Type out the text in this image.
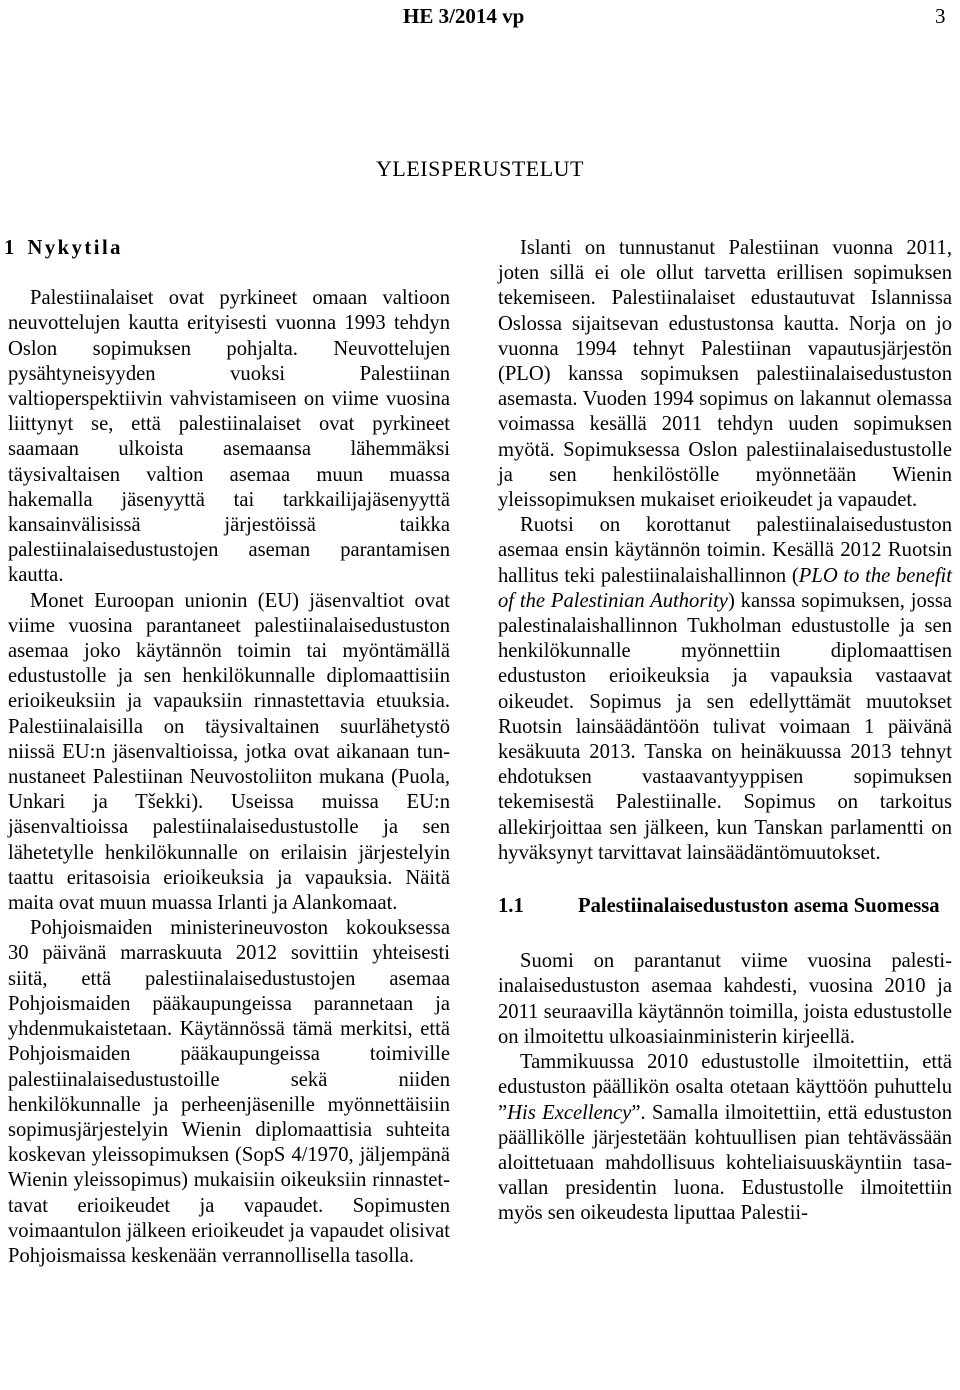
HE 3/2014 vp	3
YLEISPERUSTELUT
1 Nykytila

Palestiinalaiset ovat pyrkineet omaan valtioon neuvottelujen kautta erityisesti vuonna 1993 tehdyn Oslon sopimuksen pohjalta. Neuvottelujen pysähtyneisyyden vuoksi Palestiinan valtioperspektiivin vahvistamiseen on viime vuosina liittynyt se, että palestiinalaiset ovat pyrkineet saamaan ulkoista asemaansa lähemmäksi täysivaltaisen valtion asemaa muun muassa hakemalla jäsenyyttä tai tarkkailijajäsenyyttä kansainvälisissä järjestöissä taikka palestiinalaisedustustojen aseman parantamisen kautta.

Monet Euroopan unionin (EU) jäsenvaltiot ovat viime vuosina parantaneet palestiinalaisedustuston asemaa joko käytännön toimin tai myöntämällä edustustolle ja sen henkilökunnalle diplomaattisiin erioikeuksiin ja vapauksiin rinnastettavia etuuksia. Palestiinalaisilla on täysivaltainen suurlähetystö niissä EU:n jäsenvaltioissa, jotka ovat aikanaan tunnustaneet Palestiinan Neuvostoliiton mukana (Puola, Unkari ja Tšekki). Useissa muissa EU:n jäsenvaltioissa palestiinalaisedustustolle ja sen lähetetylle henkilökunnalle on erilaisin järjestelyin taattu eritasoisia erioikeuksia ja vapauksia. Näitä maita ovat muun muassa Irlanti ja Alankomaat.

Pohjoismaiden ministerineuvoston kokouksessa 30 päivänä marraskuuta 2012 sovittiin yhteisesti siitä, että palestiinalaisedustustojen asemaa Pohjoismaiden pääkaupungeissa parannetaan ja yhdenmukaistetaan. Käytännössä tämä merkitsi, että Pohjoismaiden pääkaupungeissa toimiville palestiinalaisedustustoille sekä niiden henkilökunnalle ja perheenjäsenille myönnettäisiin sopimusjärjestelyin Wienin diplomaattisia suhteita koskevan yleissopimuksen (SopS 4/1970, jäljempänä Wienin yleissopimus) mukaisiin oikeuksiin rinnastettavat erioikeudet ja vapaudet. Sopimusten voimaantulon jälkeen erioikeudet ja vapaudet olisivat Pohjoismaissa keskenään verrannollisella tasolla.

Islanti on tunnustanut Palestiinan vuonna 2011, joten sillä ei ole ollut tarvetta erillisen sopimuksen tekemiseen. Palestiinalaiset edustautuvat Islannissa Oslossa sijaitsevan edustustonsa kautta. Norja on jo vuonna 1994 tehnyt Palestiinan vapautusjärjestön (PLO) kanssa sopimuksen palestiinalaisedustuston asemasta. Vuoden 1994 sopimus on lakannut olemassa voimassa kesällä 2011 tehdyn uuden sopimuksen myötä. Sopimuksessa Oslon palestiinalaisedustustolle ja sen henkilöstölle myönnetään Wienin yleissopimuksen mukaiset erioikeudet ja vapaudet.

Ruotsi on korottanut palestiinalaisedustuston asemaa ensin käytännön toimin. Kesällä 2012 Ruotsin hallitus teki palestiinalaishallinnon (PLO to the benefit of the Palestinian Authority) kanssa sopimuksen, jossa palestinalaishallinnon Tukholman edustustolle ja sen henkilökunnalle myönnettiin diplomaattisen edustuston erioikeuksia ja vapauksia vastaavat oikeudet. Sopimus ja sen edellyttämät muutokset Ruotsin lainsäädäntöön tulivat voimaan 1 päivänä kesäkuuta 2013. Tanska on heinäkuussa 2013 tehnyt ehdotuksen vastaavantyyppisen sopimuksen tekemisestä Palestiinalle. Sopimus on tarkoitus allekirjoittaa sen jälkeen, kun Tanskan parlamentti on hyväksynyt tarvittavat lainsäädäntömuutokset.

1.1	Palestiinalaisedustuston asema Suomessa

Suomi on parantanut viime vuosina palestiinalaisedustuston asemaa kahdesti, vuosina 2010 ja 2011 seuraavilla käytännön toimilla, joista edustustolle on ilmoitettu ulkoasiainministerin kirjeellä.

Tammikuussa 2010 edustustolle ilmoitettiin, että edustuston päällikön osalta otetaan käyttöön puhuttelu ”His Excellency”. Samalla ilmoitettiin, että edustuston päällikölle järjestetään kohtuullisen pian tehtävässään aloittetuaan mahdollisuus kohteliaisuuskäyntiin tasavallan presidentin luona. Edustustolle ilmoitettiin myös sen oikeudesta liputtaa Palestii-
